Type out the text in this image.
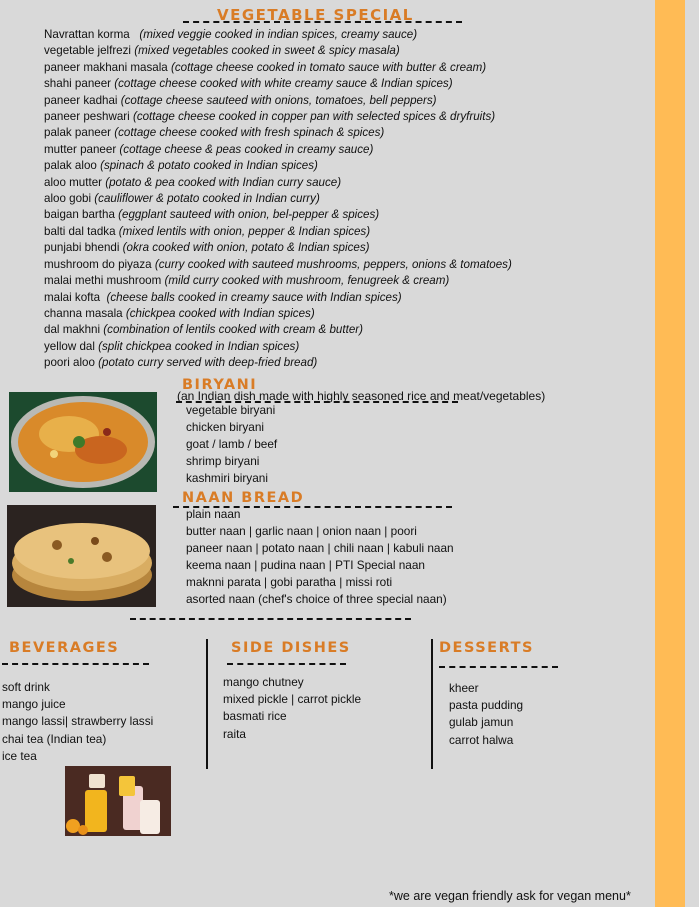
VEGETABLE SPECIAL
Navrattan korma   (mixed veggie cooked in indian spices, creamy sauce)
vegetable jelfrezi (mixed vegetables cooked in sweet & spicy masala)
paneer makhani masala (cottage cheese cooked in tomato sauce with butter & cream)
shahi paneer (cottage cheese cooked with white creamy sauce & Indian spices)
paneer kadhai (cottage cheese sauteed with onions, tomatoes, bell peppers)
paneer peshwari (cottage cheese cooked in copper pan with selected spices & dryfruits)
palak paneer (cottage cheese cooked with fresh spinach & spices)
mutter paneer (cottage cheese & peas cooked in creamy sauce)
palak aloo (spinach & potato cooked in Indian spices)
aloo mutter (potato & pea cooked with Indian curry sauce)
aloo gobi (cauliflower & potato cooked in Indian curry)
baigan bartha (eggplant sauteed with onion, bel-pepper & spices)
balti dal tadka (mixed lentils with onion, pepper & Indian spices)
punjabi bhendi (okra cooked with onion, potato & Indian spices)
mushroom do piyaza (curry cooked with sauteed mushrooms, peppers, onions & tomatoes)
malai methi mushroom (mild curry cooked with mushroom, fenugreek & cream)
malai kofta  (cheese balls cooked in creamy sauce with Indian spices)
channa masala (chickpea cooked with Indian spices)
dal makhni (combination of lentils cooked with cream & butter)
yellow dal (split chickpea cooked in Indian spices)
poori aloo (potato curry served with deep-fried bread)
BIRYANI
(an Indian dish made with highly seasoned rice and meat/vegetables)
vegetable biryani
chicken biryani
goat / lamb / beef
shrimp biryani
kashmiri biryani
NAAN BREAD
plain naan
butter naan | garlic naan | onion naan | poori
paneer naan | potato naan | chili naan | kabuli naan
keema naan | pudina naan | PTI Special naan
maknni parata | gobi paratha | missi roti
asorted naan (chef's choice of three special naan)
BEVERAGES
soft drink
mango juice
mango lassi| strawberry lassi
chai tea (Indian tea)
ice tea
SIDE DISHES
mango chutney
mixed pickle | carrot pickle
basmati rice
raita
DESSERTS
kheer
pasta pudding
gulab jamun
carrot halwa
*we are vegan friendly ask for vegan menu*
